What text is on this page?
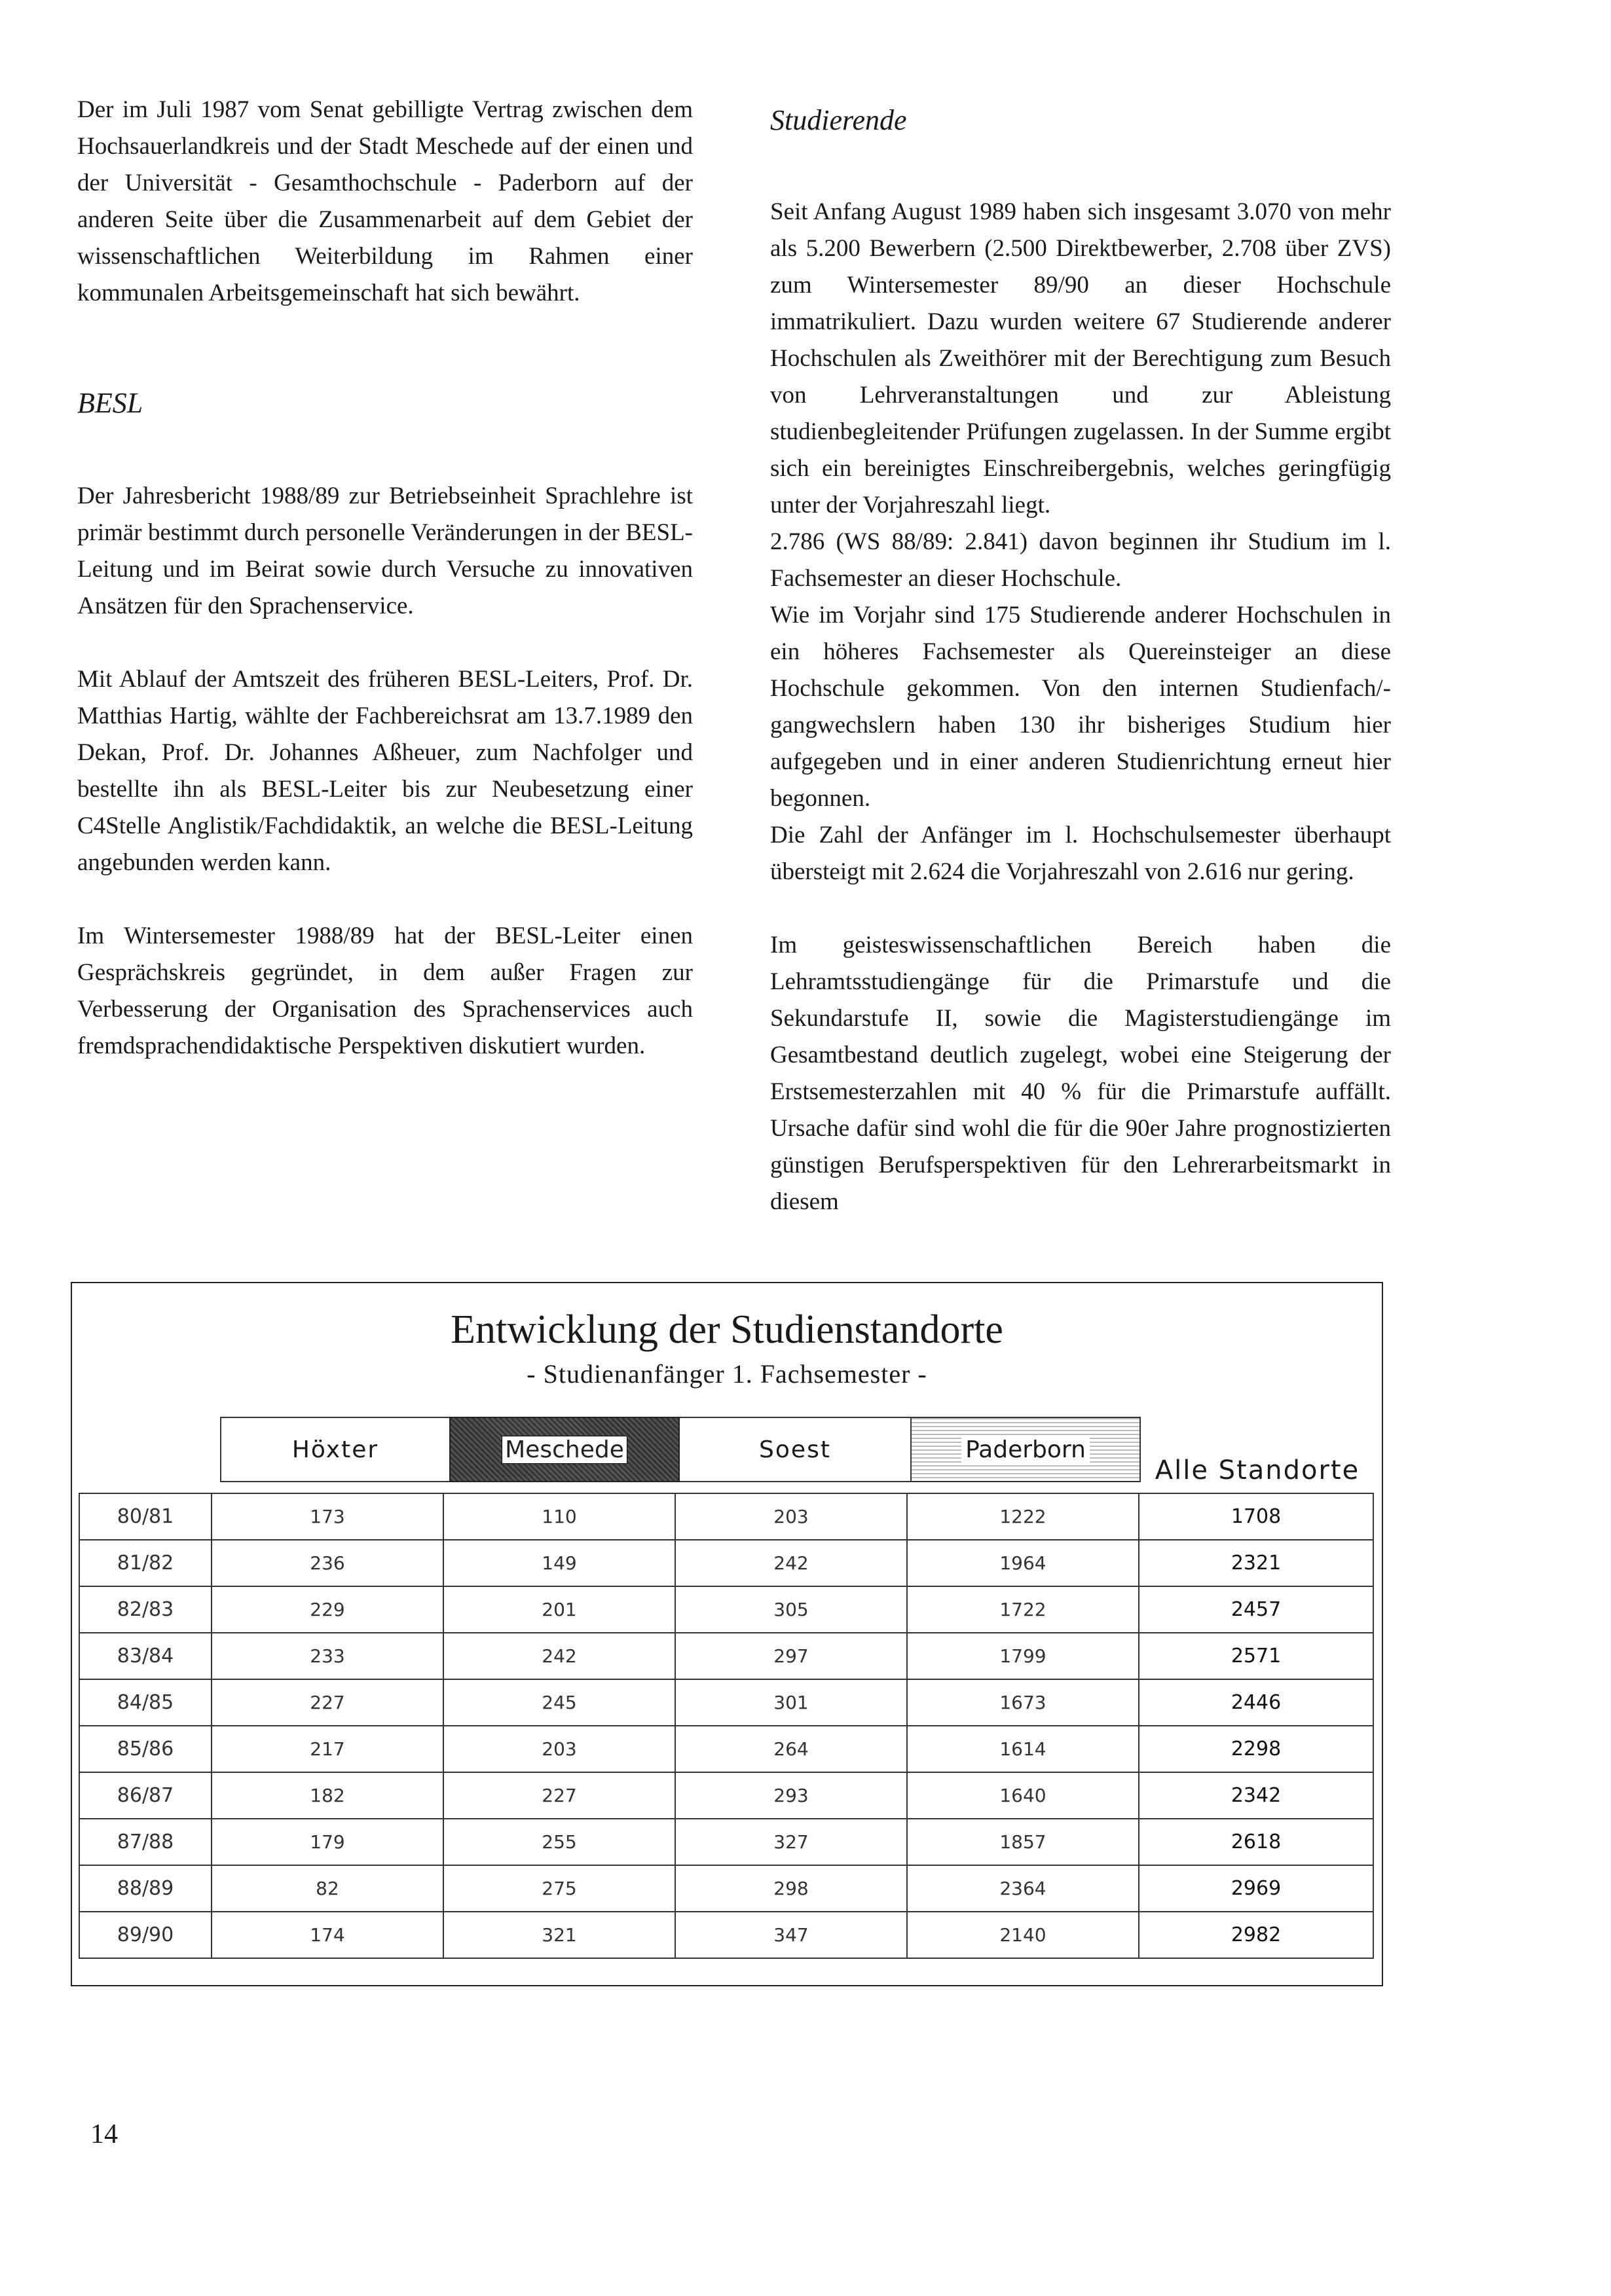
Der im Juli 1987 vom Senat gebilligte Vertrag zwischen dem Hochsauerlandkreis und der Stadt Meschede auf der einen und der Universität - Gesamthochschule - Paderborn auf der anderen Seite über die Zusammenarbeit auf dem Gebiet der wissenschaftlichen Weiterbildung im Rahmen einer kommunalen Arbeitsgemeinschaft hat sich bewährt.

BESL

Der Jahresbericht 1988/89 zur Betriebseinheit Sprachlehre ist primär bestimmt durch personelle Veränderungen in der BESL-Leitung und im Beirat sowie durch Versuche zu innovativen Ansätzen für den Sprachenservice.

Mit Ablauf der Amtszeit des früheren BESL-Leiters, Prof. Dr. Matthias Hartig, wählte der Fachbereichsrat am 13.7.1989 den Dekan, Prof. Dr. Johannes Aßheuer, zum Nachfolger und bestellte ihn als BESL-Leiter bis zur Neubesetzung einer C4Stelle Anglistik/Fachdidaktik, an welche die BESL-Leitung angebunden werden kann.

Im Wintersemester 1988/89 hat der BESL-Leiter einen Gesprächskreis gegründet, in dem außer Fragen zur Verbesserung der Organisation des Sprachenservices auch fremdsprachendidaktische Perspektiven diskutiert wurden.

Studierende

Seit Anfang August 1989 haben sich insgesamt 3.070 von mehr als 5.200 Bewerbern (2.500 Direktbewerber, 2.708 über ZVS) zum Wintersemester 89/90 an dieser Hochschule immatrikuliert. Dazu wurden weitere 67 Studierende anderer Hochschulen als Zweithörer mit der Berechtigung zum Besuch von Lehrveranstaltungen und zur Ableistung studienbegleitender Prüfungen zugelassen. In der Summe ergibt sich ein bereinigtes Einschreibergebnis, welches geringfügig unter der Vorjahreszahl liegt.

2.786 (WS 88/89: 2.841) davon beginnen ihr Studium im l. Fachsemester an dieser Hochschule.

Wie im Vorjahr sind 175 Studierende anderer Hochschulen in ein höheres Fachsemester als Quereinsteiger an diese Hochschule gekommen. Von den internen Studienfach/-gangwechslern haben 130 ihr bisheriges Studium hier aufgegeben und in einer anderen Studienrichtung erneut hier begonnen.

Die Zahl der Anfänger im l. Hochschulsemester überhaupt übersteigt mit 2.624 die Vorjahreszahl von 2.616 nur gering.

Im geisteswissenschaftlichen Bereich haben die Lehramtsstudiengänge für die Primarstufe und die Sekundarstufe II, sowie die Magisterstudiengänge im Gesamtbestand deutlich zugelegt, wobei eine Steigerung der Erstsemesterzahlen mit 40 % für die Primarstufe auffällt. Ursache dafür sind wohl die für die 90er Jahre prognostizierten günstigen Berufsperspektiven für den Lehrerarbeitsmarkt in diesem

Entwicklung der Studienstandorte
- Studienanfänger 1. Fachsemester -
Höxter	Meschede	Soest	Paderborn
Alle Standorte
80/81	173	110	203	1222	1708
81/82	236	149	242	1964	2321
82/83	229	201	305	1722	2457
83/84	233	242	297	1799	2571
84/85	227	245	301	1673	2446
85/86	217	203	264	1614	2298
86/87	182	227	293	1640	2342
87/88	179	255	327	1857	2618
88/89	82	275	298	2364	2969
89/90	174	321	347	2140	2982
14
